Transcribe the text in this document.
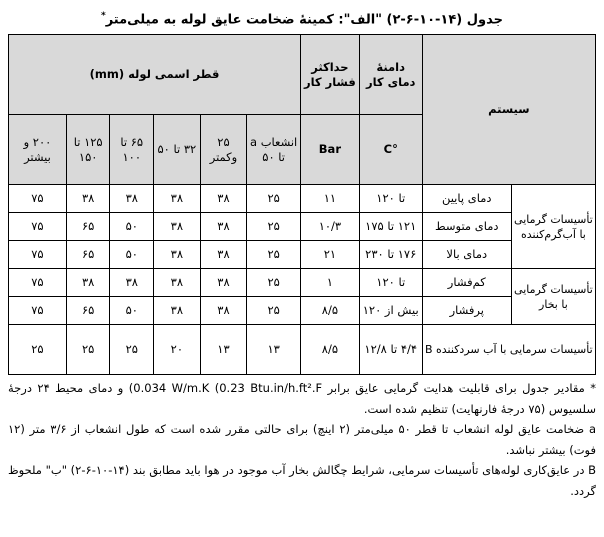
جدول (۱۴-۱۰-۶-۲) "الف": کمینهٔ ضخامت عایق لوله به میلی‌متر*
سیستم		دامنهٔ دمای کار	حداکثر فشار کار	قطر اسمی لوله (mm)					
		°C	Bar	انشعاب a تا ۵۰	۲۵ وکمتر	۳۲ تا ۵۰	۶۵ تا ۱۰۰	۱۲۵ تا ۱۵۰	۲۰۰ و بیشتر
تأسیسات گرمایی با آب‌گرم‌کننده	دمای پایین	تا ۱۲۰	۱۱	۲۵	۳۸	۳۸	۳۸	۳۸	۷۵
	دمای متوسط	۱۲۱ تا ۱۷۵	۱۰/۳	۲۵	۳۸	۳۸	۵۰	۶۵	۷۵
	دمای بالا	۱۷۶ تا ۲۳۰	۲۱	۲۵	۳۸	۳۸	۵۰	۶۵	۷۵
تأسیسات گرمایی با بخار	کم‌فشار	تا ۱۲۰	۱	۲۵	۳۸	۳۸	۳۸	۳۸	۷۵
	پرفشار	بیش از ۱۲۰	۸/۵	۲۵	۳۸	۳۸	۵۰	۶۵	۷۵
تأسیسات سرمایی با آب سردکننده B		۴/۴ تا ۱۲/۸	۸/۵	۱۳	۱۳	۲۰	۲۵	۲۵	۲۵

* مقادیر جدول برای قابلیت هدایت گرمایی عایق برابر 0.034 W/m.K (0.23 Btu.in/h.ft².F) و دمای محیط ۲۴ درجهٔ سلسیوس (۷۵ درجهٔ فارنهایت) تنظیم شده است.

a ضخامت عایق لوله انشعاب تا قطر ۵۰ میلی‌متر (۲ اینچ) برای حالتی مقرر شده است که طول انشعاب از ۳/۶ متر (۱۲ فوت) بیشتر نباشد.

B در عایق‌کاری لوله‌های تأسیسات سرمایی، شرایط چگالش بخار آب موجود در هوا باید مطابق بند (۱۴-۱۰-۶-۲) "ب" ملحوظ گردد.
